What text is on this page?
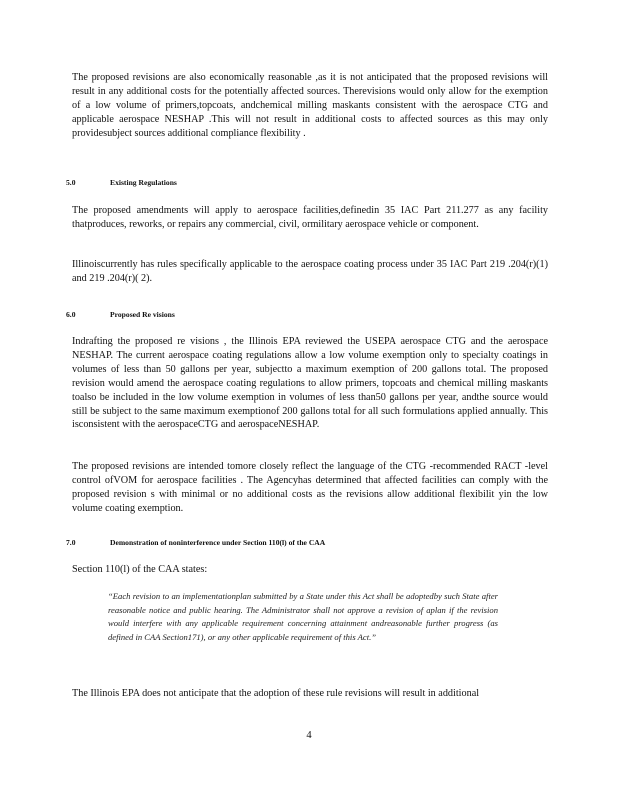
The proposed revisions are also economically reasonable ,as it is not anticipated that the proposed revisions will result in any additional costs for the potentially affected sources. Therevisions would only allow for the exemption of a low volume of primers,topcoats, andchemical milling maskants consistent with the aerospace CTG and applicable aerospace NESHAP .This will not result in additional costs to affected sources as this may only providesubject sources additional compliance flexibility .

5.0	Existing Regulations

The proposed amendments will apply to aerospace facilities,definedin 35 IAC Part 211.277 as any facility thatproduces, reworks, or repairs any commercial, civil, ormilitary aerospace vehicle or component.

Illinoiscurrently has rules specifically applicable to the aerospace coating process under 35 IAC Part 219 .204(r)(1) and 219 .204(r)( 2).

6.0	Proposed Re visions

Indrafting the proposed re visions , the Illinois EPA reviewed the USEPA aerospace CTG and the aerospace NESHAP. The current aerospace coating regulations allow a low volume exemption only to specialty coatings in volumes of less than 50 gallons per year, subjectto a maximum exemption of 200 gallons total. The proposed revision would amend the aerospace coating regulations to allow primers, topcoats and chemical milling maskants toalso be included in the low volume exemption in volumes of less than50 gallons per year, andthe source would still be subject to the same maximum exemptionof 200 gallons total for all such formulations applied annually. This isconsistent with the aerospaceCTG and aerospaceNESHAP.

The proposed revisions are intended tomore closely reflect the language of the CTG -recommended RACT -level control ofVOM for aerospace facilities . The Agencyhas determined that affected facilities can comply with the proposed revision s with minimal or no additional costs as the revisions allow additional flexibilit yin the low volume coating exemption.

7.0	Demonstration of noninterference under Section 110(l) of the CAA

Section 110(l) of the CAA states:

“Each revision to an implementationplan submitted by a State under this Act shall be adoptedby such State after reasonable notice and public hearing. The Administrator shall not approve a revision of aplan if the revision would interfere with any applicable requirement concerning attainment andreasonable further progress (as defined in CAA Section171), or any other applicable requirement of this Act.”

The Illinois EPA does not anticipate that the adoption of these rule revisions will result in additional

4
